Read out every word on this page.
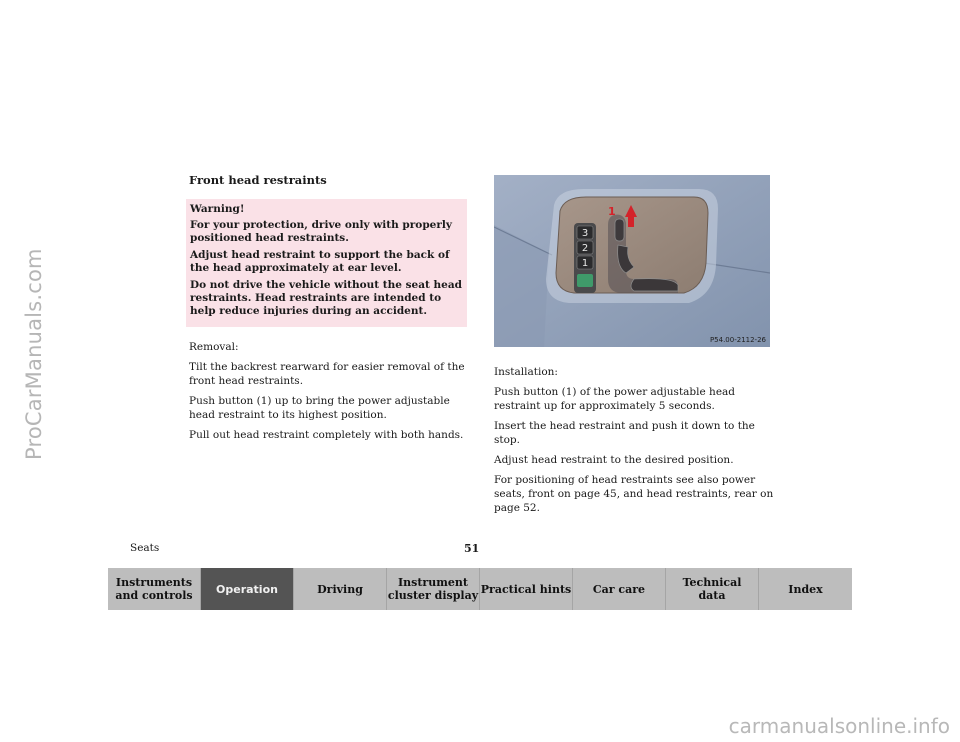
ProCarManuals.com
carmanualsonline.info
Front head restraints

Warning!

For your protection, drive only with properly positioned head restraints.

Adjust head restraint to support the back of the head approximately at ear level.

Do not drive the vehicle without the seat head restraints. Head restraints are intended to help reduce injuries during an accident.

Removal:

Tilt the backrest rearward for easier removal of the front head restraints.

Push button (1) up to bring the power adjustable head restraint to its highest position.

Pull out head restraint completely with both hands.

3
2
1
1
P54.00-2112-26

Installation:

Push button (1) of the power adjustable head restraint up for approximately 5 seconds.

Insert the head restraint and push it down to the stop.

Adjust head restraint to the desired position.

For positioning of head restraints see also power seats, front on page 45, and head restraints, rear on page 52.

Seats	51
Instruments
and controls Operation	Driving	Instrument
cluster display Practical hints Car care	Technical
data	Index
